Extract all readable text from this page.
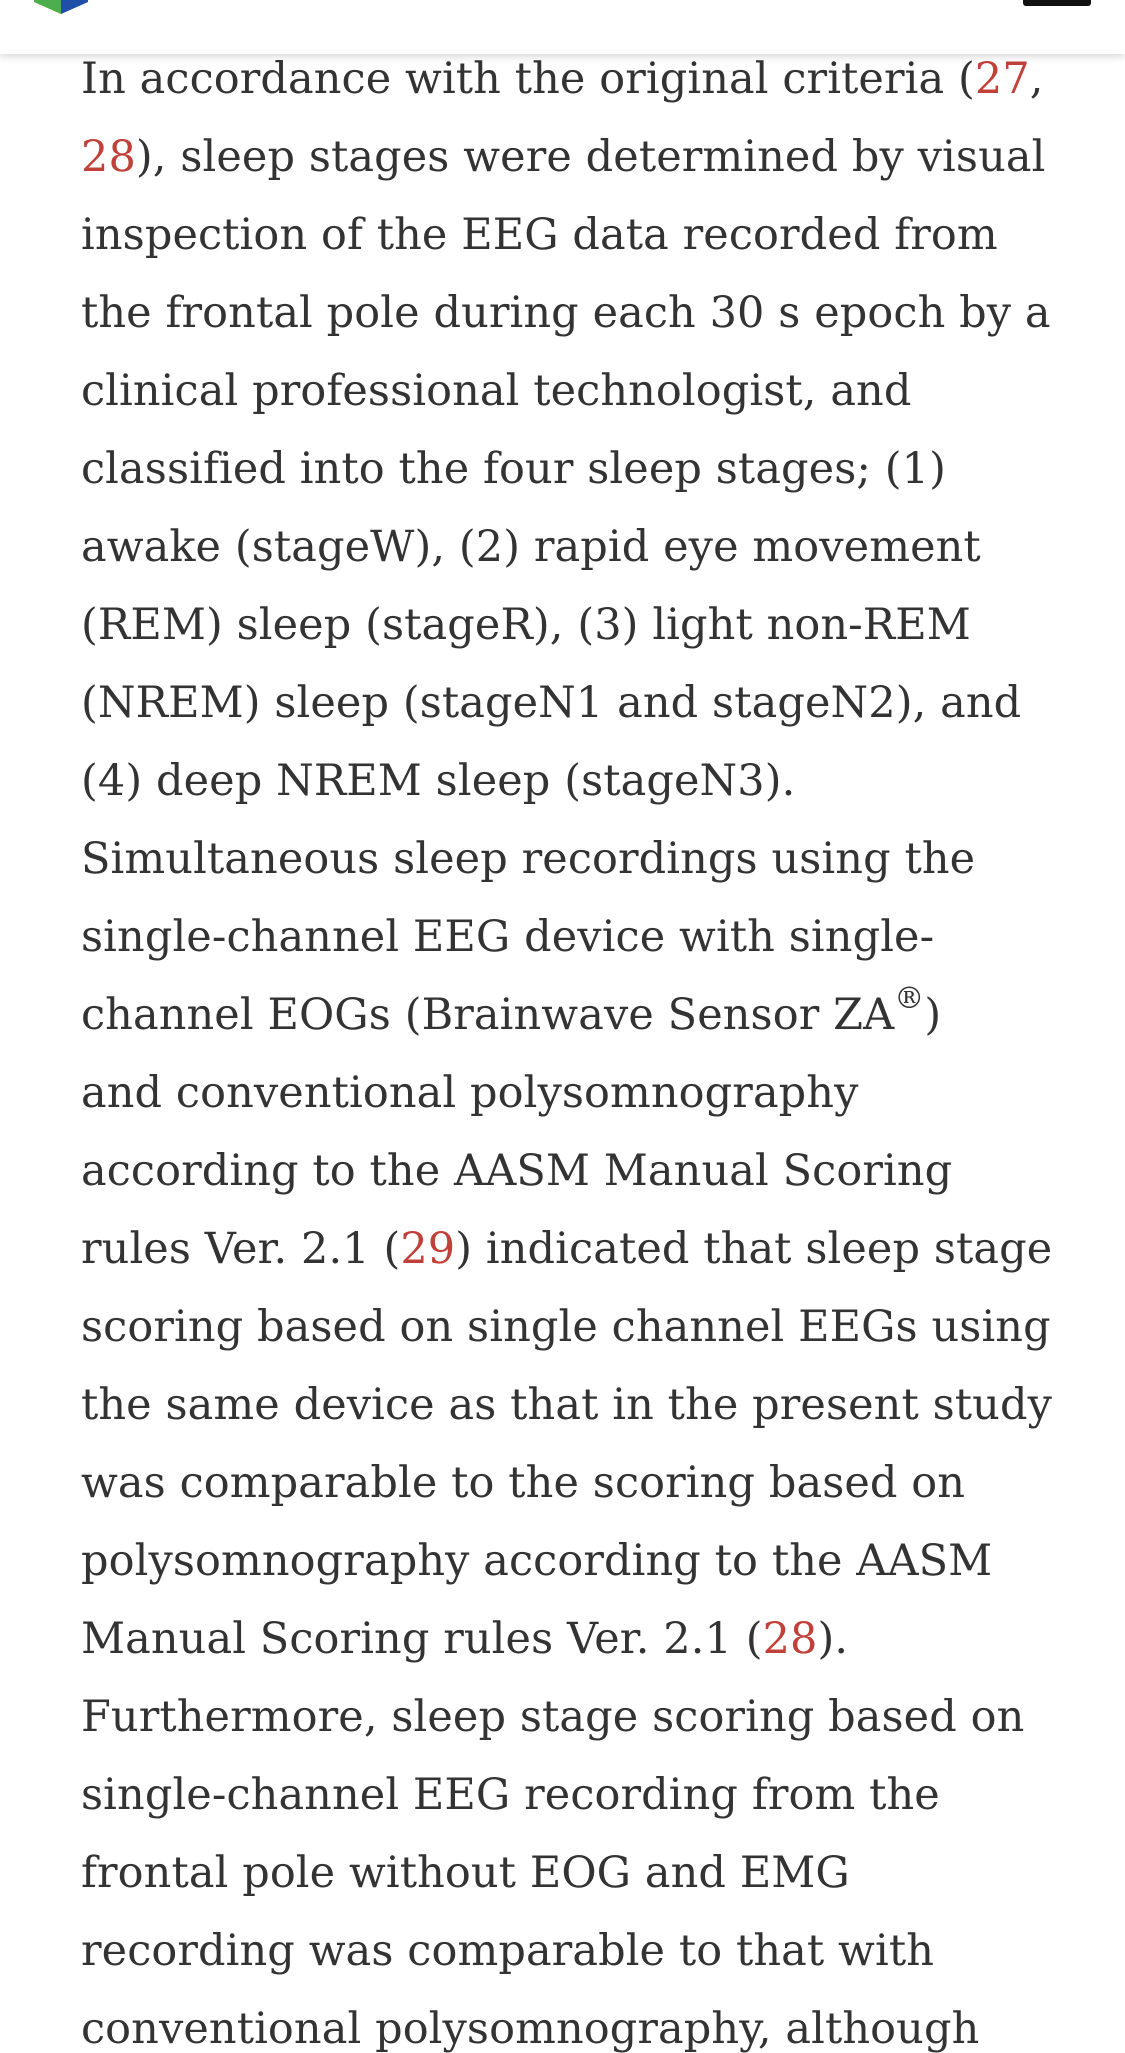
In accordance with the original criteria (27,
28), sleep stages were determined by visual
inspection of the EEG data recorded from
the frontal pole during each 30 s epoch by a
clinical professional technologist, and
classified into the four sleep stages; (1)
awake (stageW), (2) rapid eye movement
(REM) sleep (stageR), (3) light non-REM
(NREM) sleep (stageN1 and stageN2), and
(4) deep NREM sleep (stageN3).
Simultaneous sleep recordings using the
single-channel EEG device with single-
channel EOGs (Brainwave Sensor ZA®)
and conventional polysomnography
according to the AASM Manual Scoring
rules Ver. 2.1 (29) indicated that sleep stage
scoring based on single channel EEGs using
the same device as that in the present study
was comparable to the scoring based on
polysomnography according to the AASM
Manual Scoring rules Ver. 2.1 (28).
Furthermore, sleep stage scoring based on
single-channel EEG recording from the
frontal pole without EOG and EMG
recording was comparable to that with
conventional polysomnography, although
